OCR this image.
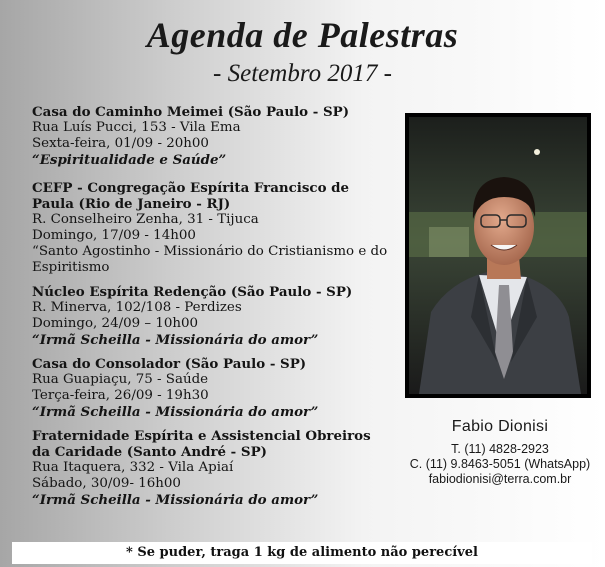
Agenda de Palestras
- Setembro 2017 -
Casa do Caminho Meimei (São Paulo - SP)
Rua Luís Pucci, 153 - Vila Ema
Sexta-feira, 01/09 - 20h00
“Espiritualidade e Saúde”
CEFP - Congregação Espírita Francisco de Paula (Rio de Janeiro - RJ)
R. Conselheiro Zenha, 31 - Tijuca
Domingo, 17/09 - 14h00
“Santo Agostinho - Missionário do Cristianismo e do Espiritismo
Núcleo Espírita Redenção (São Paulo - SP)
R. Minerva, 102/108 - Perdizes
Domingo, 24/09 – 10h00
“Irmã Scheilla - Missionária do amor”
Casa do Consolador (São Paulo - SP)
Rua Guapiaçu, 75 - Saúde
Terça-feira, 26/09 - 19h30
“Irmã Scheilla - Missionária do amor”
Fraternidade Espírita e Assistencial Obreiros da Caridade (Santo André - SP)
Rua Itaquera, 332 - Vila Apiaí
Sábado, 30/09- 16h00
“Irmã Scheilla - Missionária do amor”
Fabio Dionisi
T. (11) 4828-2923
C. (11) 9.8463-5051 (WhatsApp)
fabiodionisi@terra.com.br
* Se puder, traga 1 kg de alimento não perecível
